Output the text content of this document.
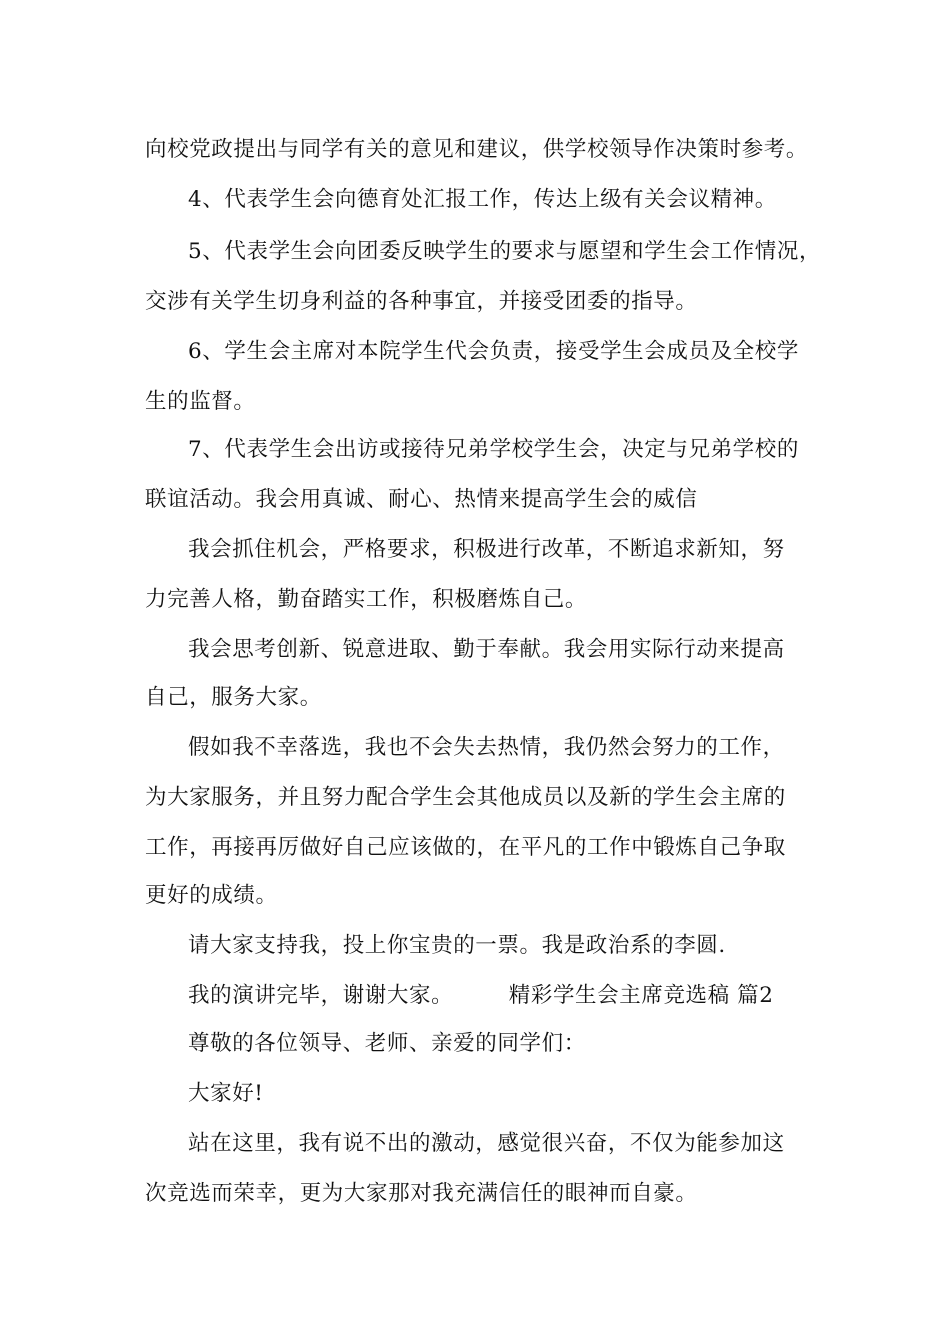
向校党政提出与同学有关的意见和建议，供学校领导作决策时参考。
4、代表学生会向德育处汇报工作，传达上级有关会议精神。
5、代表学生会向团委反映学生的要求与愿望和学生会工作情况，
交涉有关学生切身利益的各种事宜，并接受团委的指导。
6、学生会主席对本院学生代会负责，接受学生会成员及全校学
生的监督。
7、代表学生会出访或接待兄弟学校学生会，决定与兄弟学校的
联谊活动。我会用真诚、耐心、热情来提高学生会的威信
我会抓住机会，严格要求，积极进行改革，不断追求新知，努
力完善人格，勤奋踏实工作，积极磨炼自己。
我会思考创新、锐意进取、勤于奉献。我会用实际行动来提高
自己，服务大家。
假如我不幸落选，我也不会失去热情，我仍然会努力的工作，
为大家服务，并且努力配合学生会其他成员以及新的学生会主席的
工作，再接再厉做好自己应该做的，在平凡的工作中锻炼自己争取
更好的成绩。
请大家支持我，投上你宝贵的一票。我是政治系的李圆.
我的演讲完毕，谢谢大家。　　　精彩学生会主席竞选稿 篇2
尊敬的各位领导、老师、亲爱的同学们：
大家好!
站在这里，我有说不出的激动，感觉很兴奋，不仅为能参加这
次竞选而荣幸，更为大家那对我充满信任的眼神而自豪。
